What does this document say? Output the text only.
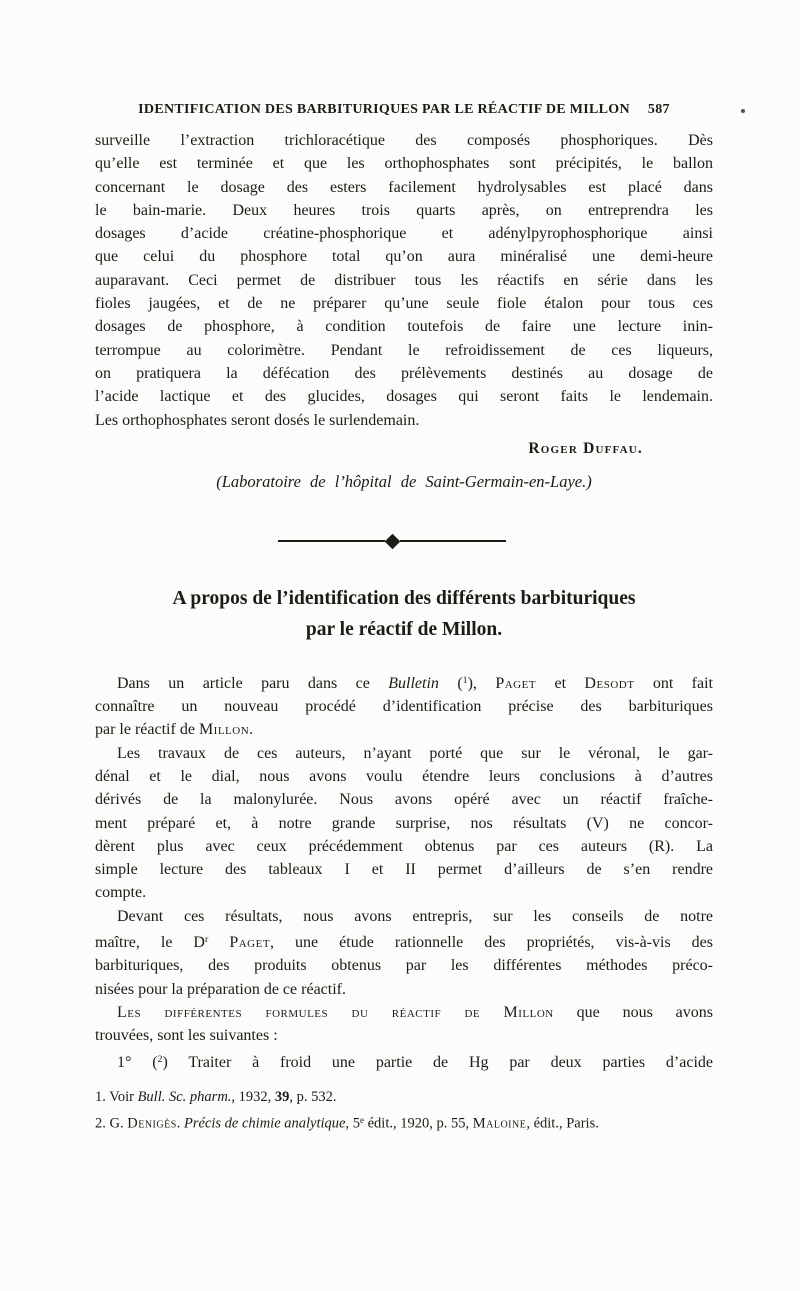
IDENTIFICATION DES BARBITURIQUES PAR LE RÉACTIF DE MILLON 587
surveille l’extraction trichloracétique des composés phosphoriques. Dès
qu’elle est terminée et que les orthophosphates sont précipités, le ballon
concernant le dosage des esters facilement hydrolysables est placé dans
le bain-marie. Deux heures trois quarts après, on entreprendra les
dosages d’acide créatine-phosphorique et adénylpyrophosphorique ainsi
que celui du phosphore total qu’on aura minéralisé une demi-heure
auparavant. Ceci permet de distribuer tous les réactifs en série dans les
fioles jaugées, et de ne préparer qu’une seule fiole étalon pour tous ces
dosages de phosphore, à condition toutefois de faire une lecture inin-
terrompue au colorimètre. Pendant le refroidissement de ces liqueurs,
on pratiquera la défécation des prélèvements destinés au dosage de
l’acide lactique et des glucides, dosages qui seront faits le lendemain.
Les orthophosphates seront dosés le surlendemain.
Roger Duffau.
(Laboratoire de l’hôpital de Saint-Germain-en-Laye.)
A propos de l’identification des différents barbituriques
par le réactif de Millon.
Dans un article paru dans ce Bulletin ($^1$), Paget et Desodt ont fait
connaître un nouveau procédé d’identification précise des barbituriques
par le réactif de Millon.
Les travaux de ces auteurs, n’ayant porté que sur le véronal, le gar-
dénal et le dial, nous avons voulu étendre leurs conclusions à d’autres
dérivés de la malonylurée. Nous avons opéré avec un réactif fraîche-
ment préparé et, à notre grande surprise, nos résultats (V) ne concor-
dèrent plus avec ceux précédemment obtenus par ces auteurs (R). La
simple lecture des tableaux I et II permet d’ailleurs de s’en rendre
compte.
Devant ces résultats, nous avons entrepris, sur les conseils de notre
maître, le $D^r$ Paget, une étude rationnelle des propriétés, vis-à-vis des
barbituriques, des produits obtenus par les différentes méthodes préco-
nisées pour la préparation de ce réactif.
Les différentes formules du réactif de Millon que nous avons
trouvées, sont les suivantes :
1° ($^2$) Traiter à froid une partie de Hg par deux parties d’acide
1. Voir Bull. Sc. pharm., 1932, 39, p. 532.
2. G. Denigès. Précis de chimie analytique, 5e édit., 1920, p. 55, Maloine, édit., Paris.
